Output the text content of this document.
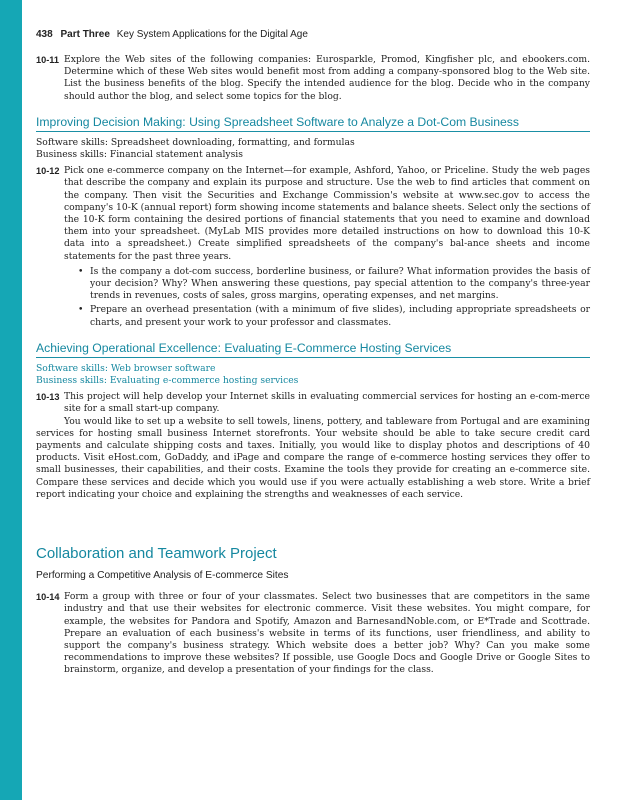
438 Part Three Key System Applications for the Digital Age
10-11 Explore the Web sites of the following companies: Eurosparkle, Promod, Kingfisher plc, and ebookers.com. Determine which of these Web sites would benefit most from adding a company-sponsored blog to the Web site. List the business benefits of the blog. Specify the intended audience for the blog. Decide who in the company should author the blog, and select some topics for the blog.
Improving Decision Making: Using Spreadsheet Software to Analyze a Dot-Com Business
Software skills: Spreadsheet downloading, formatting, and formulas
Business skills: Financial statement analysis
10-12 Pick one e-commerce company on the Internet—for example, Ashford, Yahoo, or Priceline. Study the web pages that describe the company and explain its purpose and structure. Use the web to find articles that comment on the company. Then visit the Securities and Exchange Commission's website at www.sec.gov to access the company's 10-K (annual report) form showing income statements and balance sheets. Select only the sections of the 10-K form containing the desired portions of financial statements that you need to examine and download them into your spreadsheet. (MyLab MIS provides more detailed instructions on how to download this 10-K data into a spreadsheet.) Create simplified spreadsheets of the company's bal-ance sheets and income statements for the past three years.
• Is the company a dot-com success, borderline business, or failure? What information provides the basis of your decision? Why? When answering these questions, pay special attention to the company's three-year trends in revenues, costs of sales, gross margins, operating expenses, and net margins.
• Prepare an overhead presentation (with a minimum of five slides), including appropriate spreadsheets or charts, and present your work to your professor and classmates.
Achieving Operational Excellence: Evaluating E-Commerce Hosting Services
Software skills: Web browser software
Business skills: Evaluating e-commerce hosting services
10-13 This project will help develop your Internet skills in evaluating commercial services for hosting an e-com-merce site for a small start-up company.
You would like to set up a website to sell towels, linens, pottery, and tableware from Portugal and are examining services for hosting small business Internet storefronts. Your website should be able to take secure credit card payments and calculate shipping costs and taxes. Initially, you would like to display photos and descriptions of 40 products. Visit eHost.com, GoDaddy, and iPage and compare the range of e-commerce hosting services they offer to small businesses, their capabilities, and their costs. Examine the tools they provide for creating an e-commerce site. Compare these services and decide which you would use if you were actually establishing a web store. Write a brief report indicating your choice and explaining the strengths and weaknesses of each service.
Collaboration and Teamwork Project
Performing a Competitive Analysis of E-commerce Sites
10-14 Form a group with three or four of your classmates. Select two businesses that are competitors in the same industry and that use their websites for electronic commerce. Visit these websites. You might compare, for example, the websites for Pandora and Spotify, Amazon and BarnesandNoble.com, or E*Trade and Scottrade. Prepare an evaluation of each business's website in terms of its functions, user friendliness, and ability to support the company's business strategy. Which website does a better job? Why? Can you make some recommendations to improve these websites? If possible, use Google Docs and Google Drive or Google Sites to brainstorm, organize, and develop a presentation of your findings for the class.
